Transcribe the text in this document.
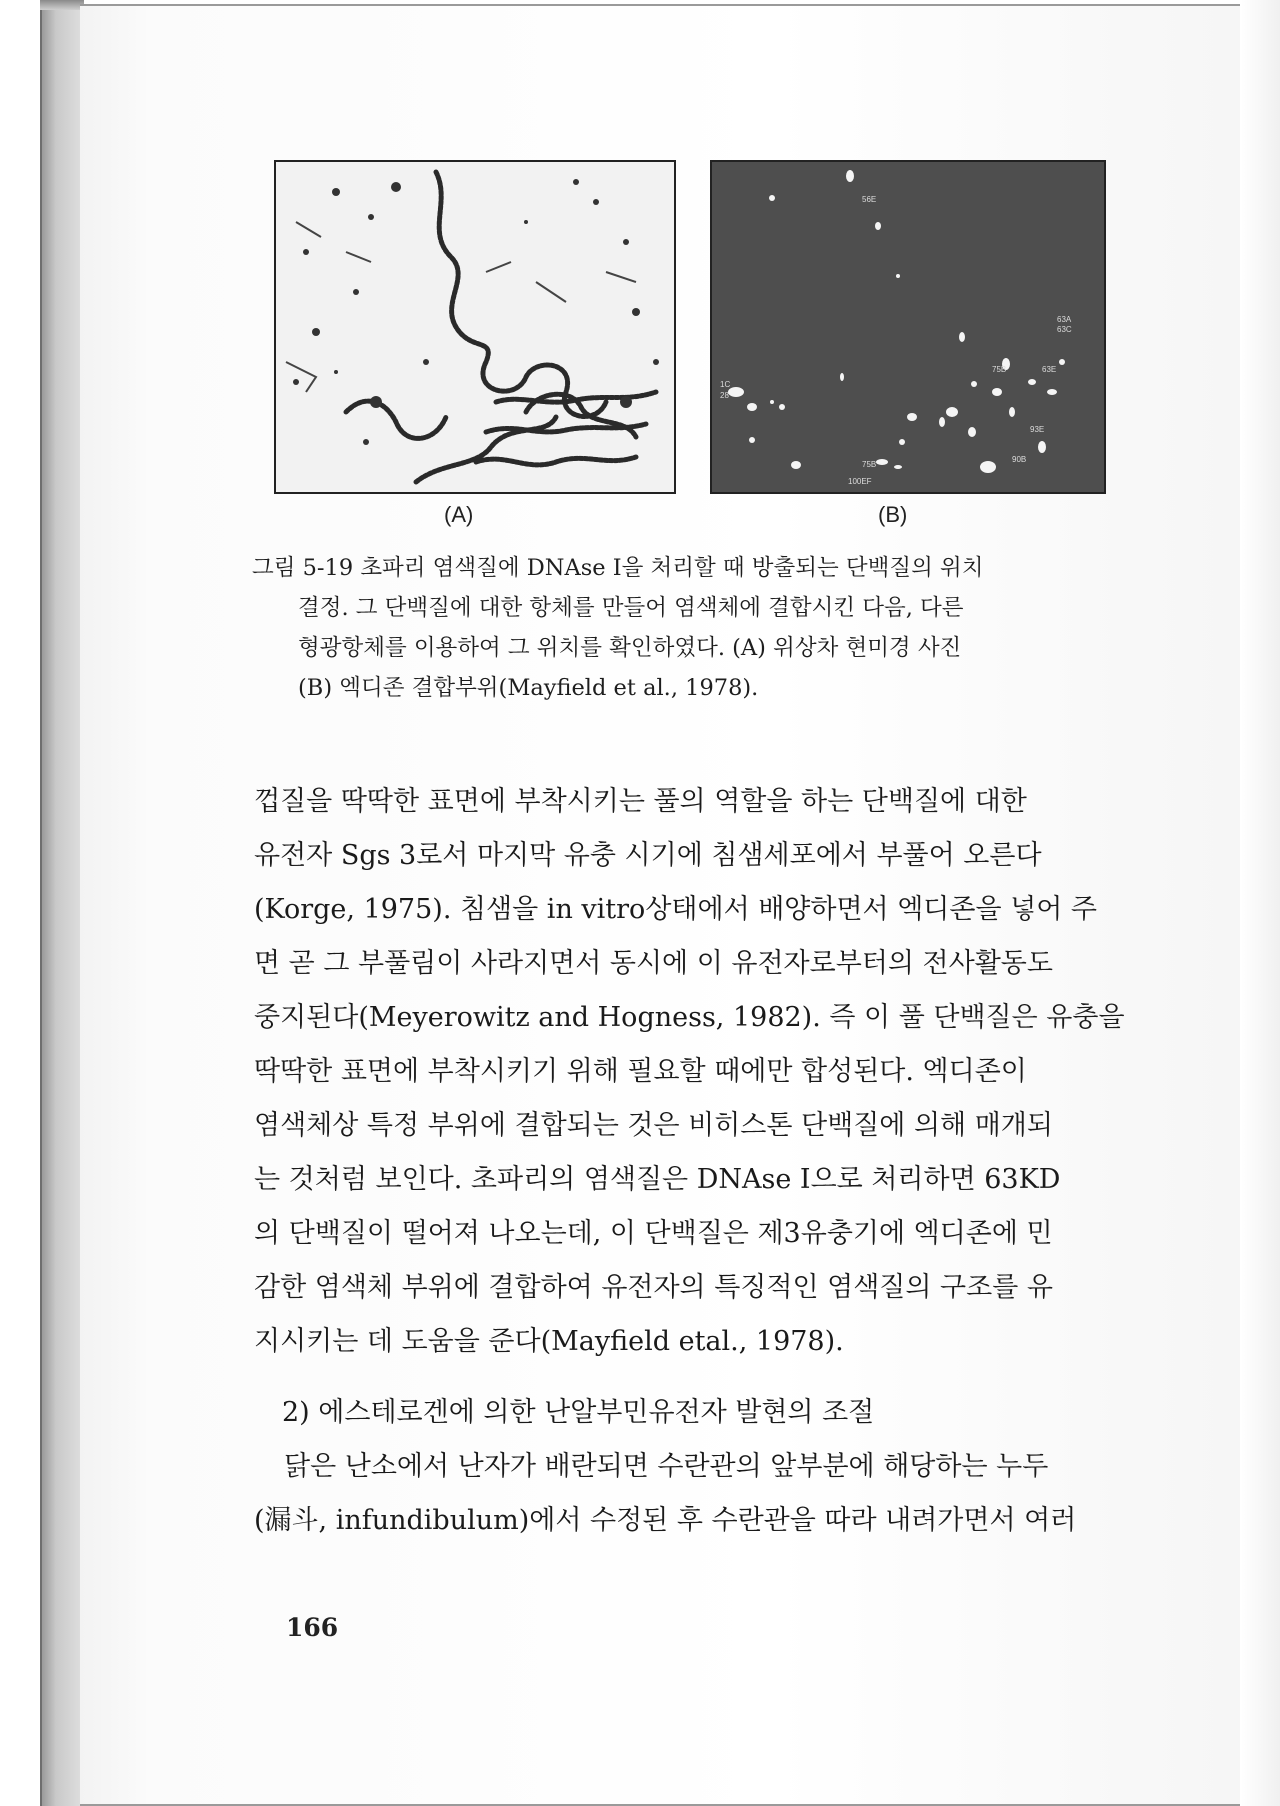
56E
63A
63C
63E
1C
28
75B
75B
100EF
93E
90B
(A)	(B)
그림 5-19 초파리 염색질에 DNAse I을 처리할 때 방출되는 단백질의 위치
결정. 그 단백질에 대한 항체를 만들어 염색체에 결합시킨 다음, 다른
형광항체를 이용하여 그 위치를 확인하였다. (A) 위상차 현미경 사진
(B) 엑디존 결합부위(Mayfield et al., 1978).
껍질을 딱딱한 표면에 부착시키는 풀의 역할을 하는 단백질에 대한
유전자 Sgs 3로서 마지막 유충 시기에 침샘세포에서 부풀어 오른다
(Korge, 1975). 침샘을 in vitro상태에서 배양하면서 엑디존을 넣어 주
면 곧 그 부풀림이 사라지면서 동시에 이 유전자로부터의 전사활동도
중지된다(Meyerowitz and Hogness, 1982). 즉 이 풀 단백질은 유충을
딱딱한 표면에 부착시키기 위해 필요할 때에만 합성된다. 엑디존이
염색체상 특정 부위에 결합되는 것은 비히스톤 단백질에 의해 매개되
는 것처럼 보인다. 초파리의 염색질은 DNAse I으로 처리하면 63KD
의 단백질이 떨어져 나오는데, 이 단백질은 제3유충기에 엑디존에 민
감한 염색체 부위에 결합하여 유전자의 특징적인 염색질의 구조를 유
지시키는 데 도움을 준다(Mayfield etal., 1978).
2) 에스테로겐에 의한 난알부민유전자 발현의 조절
닭은 난소에서 난자가 배란되면 수란관의 앞부분에 해당하는 누두
(漏斗, infundibulum)에서 수정된 후 수란관을 따라 내려가면서 여러
166
